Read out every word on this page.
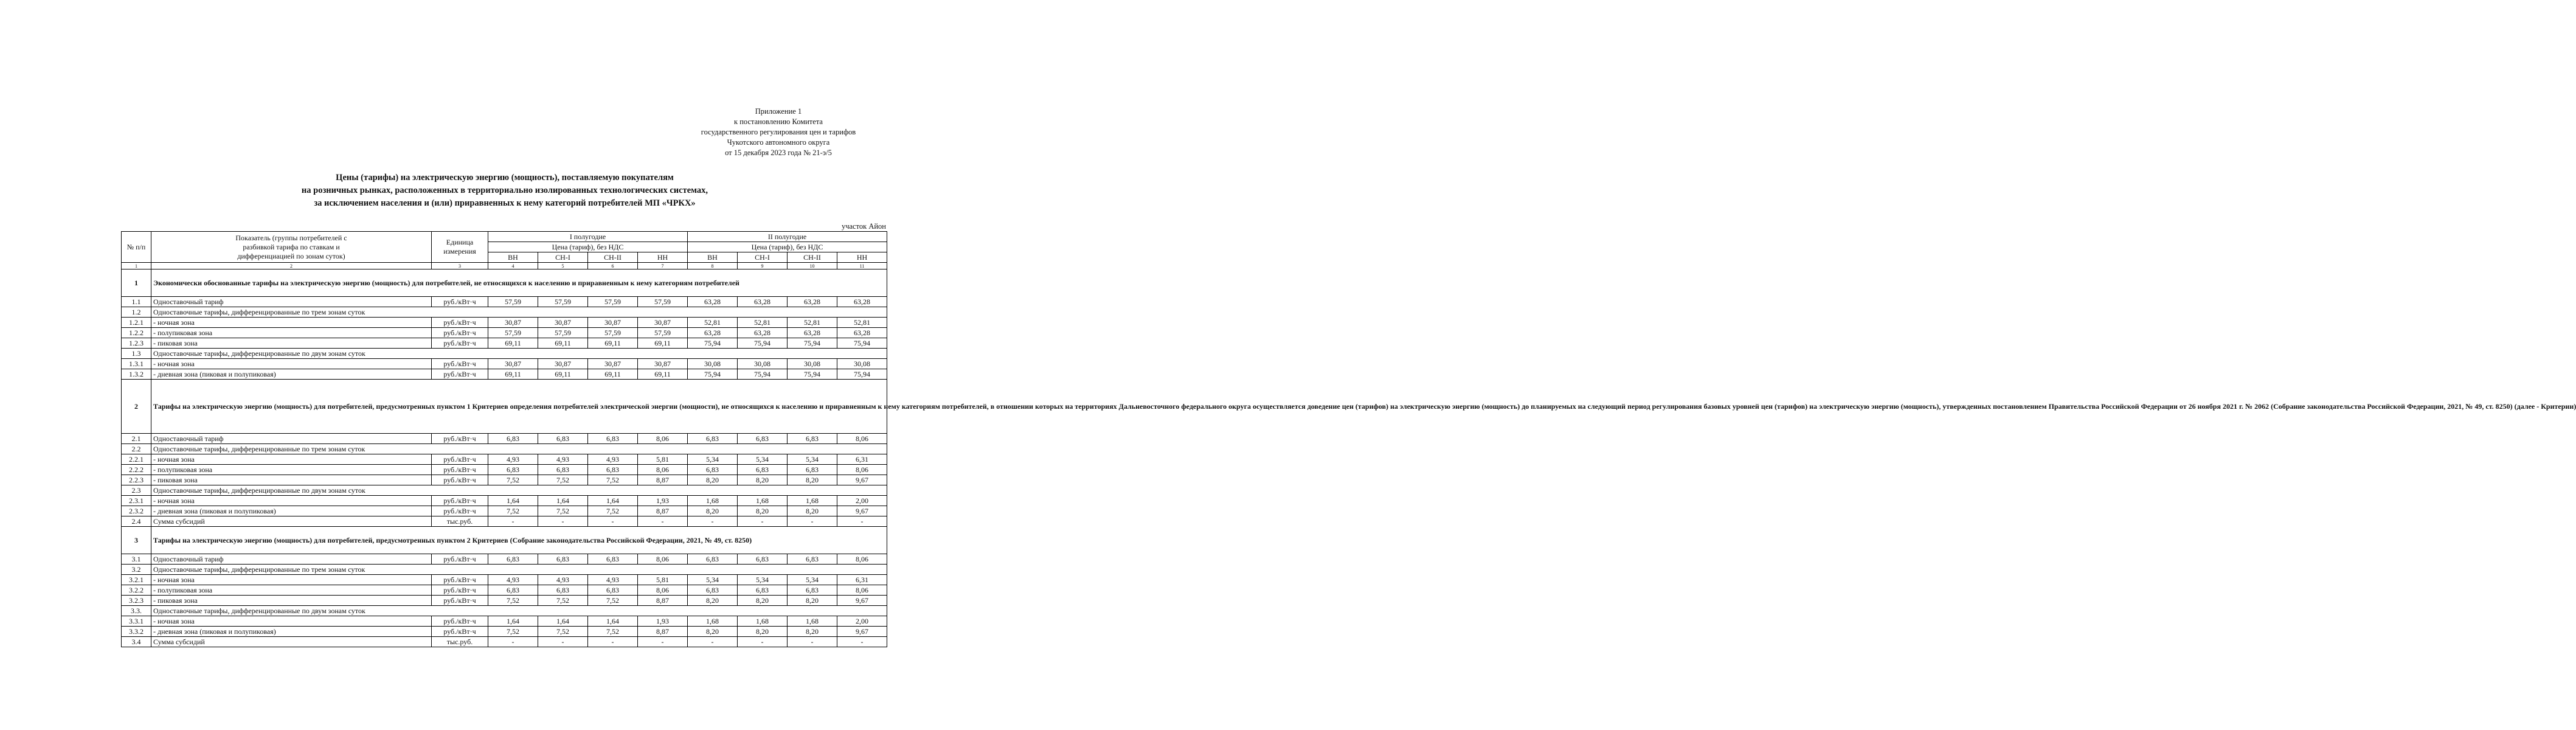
Приложение 1
к постановлению Комитета
государственного регулирования цен и тарифов
Чукотского автономного округа
от 15 декабря 2023 года № 21-э/5
Цены (тарифы) на электрическую энергию (мощность), поставляемую покупателям
на розничных рынках, расположенных в территориально изолированных технологических системах,
за исключением населения и (или) приравненных к нему категорий потребителей МП «ЧРКХ»
участок Айон
№ п/п	Показатель (группы потребителей с разбивкой тарифа по ставкам и дифференциацией по зонам суток)	Единица измерения	I полугодие				II полугодие			
			Цена (тариф), без НДС				Цена (тариф), без НДС			
			ВН	СН-I	СН-II	НН	ВН	СН-I	СН-II	НН
1	2	3	4	5	6	7	8	9	10	11
1	Экономически обоснованные тарифы на электрическую энергию (мощность) для потребителей, не относящихся к населению и приравненным к нему категориям потребителей									
1.1	Одноставочный тариф	руб./кВт·ч	57,59	57,59	57,59	57,59	63,28	63,28	63,28	63,28
1.2	Одноставочные тарифы, дифференцированные по трем зонам суток									
1.2.1	- ночная зона	руб./кВт·ч	30,87	30,87	30,87	30,87	52,81	52,81	52,81	52,81
1.2.2	- полупиковая зона	руб./кВт·ч	57,59	57,59	57,59	57,59	63,28	63,28	63,28	63,28
1.2.3	- пиковая зона	руб./кВт·ч	69,11	69,11	69,11	69,11	75,94	75,94	75,94	75,94
1.3	Одноставочные тарифы, дифференцированные по двум зонам суток									
1.3.1	- ночная зона	руб./кВт·ч	30,87	30,87	30,87	30,87	30,08	30,08	30,08	30,08
1.3.2	- дневная зона (пиковая и полупиковая)	руб./кВт·ч	69,11	69,11	69,11	69,11	75,94	75,94	75,94	75,94
2	Тарифы на электрическую энергию (мощность) для потребителей, предусмотренных пунктом 1 Критериев определения потребителей электрической энергии (мощности), не относящихся к населению и приравненным к нему категориям потребителей, в отношении которых на территориях Дальневосточного федерального округа осуществляется доведение цен (тарифов) на электрическую энергию (мощность) до планируемых на следующий период регулирования базовых уровней цен (тарифов) на электрическую энергию (мощность), утвержденных постановлением Правительства Российской Федерации от 26 ноября 2021 г. № 2062 (Собрание законодательства Российской Федерации, 2021, № 49, ст. 8250) (далее - Критерии)									
2.1	Одноставочный тариф	руб./кВт·ч	6,83	6,83	6,83	8,06	6,83	6,83	6,83	8,06
2.2	Одноставочные тарифы, дифференцированные по трем зонам суток									
2.2.1	- ночная зона	руб./кВт·ч	4,93	4,93	4,93	5,81	5,34	5,34	5,34	6,31
2.2.2	- полупиковая зона	руб./кВт·ч	6,83	6,83	6,83	8,06	6,83	6,83	6,83	8,06
2.2.3	- пиковая зона	руб./кВт·ч	7,52	7,52	7,52	8,87	8,20	8,20	8,20	9,67
2.3	Одноставочные тарифы, дифференцированные по двум зонам суток									
2.3.1	- ночная зона	руб./кВт·ч	1,64	1,64	1,64	1,93	1,68	1,68	1,68	2,00
2.3.2	- дневная зона (пиковая и полупиковая)	руб./кВт·ч	7,52	7,52	7,52	8,87	8,20	8,20	8,20	9,67
2.4	Сумма субсидий	тыс.руб.	-	-	-	-	-	-	-	-
3	Тарифы на электрическую энергию (мощность) для потребителей, предусмотренных пунктом 2 Критериев (Собрание законодательства Российской Федерации, 2021, № 49, ст. 8250)									
3.1	Одноставочный тариф	руб./кВт·ч	6,83	6,83	6,83	8,06	6,83	6,83	6,83	8,06
3.2	Одноставочные тарифы, дифференцированные по трем зонам суток									
3.2.1	- ночная зона	руб./кВт·ч	4,93	4,93	4,93	5,81	5,34	5,34	5,34	6,31
3.2.2	- полупиковая зона	руб./кВт·ч	6,83	6,83	6,83	8,06	6,83	6,83	6,83	8,06
3.2.3	- пиковая зона	руб./кВт·ч	7,52	7,52	7,52	8,87	8,20	8,20	8,20	9,67
3.3.	Одноставочные тарифы, дифференцированные по двум зонам суток									
3.3.1	- ночная зона	руб./кВт·ч	1,64	1,64	1,64	1,93	1,68	1,68	1,68	2,00
3.3.2	- дневная зона (пиковая и полупиковая)	руб./кВт·ч	7,52	7,52	7,52	8,87	8,20	8,20	8,20	9,67
3.4	Сумма субсидий	тыс.руб.	-	-	-	-	-	-	-	-
